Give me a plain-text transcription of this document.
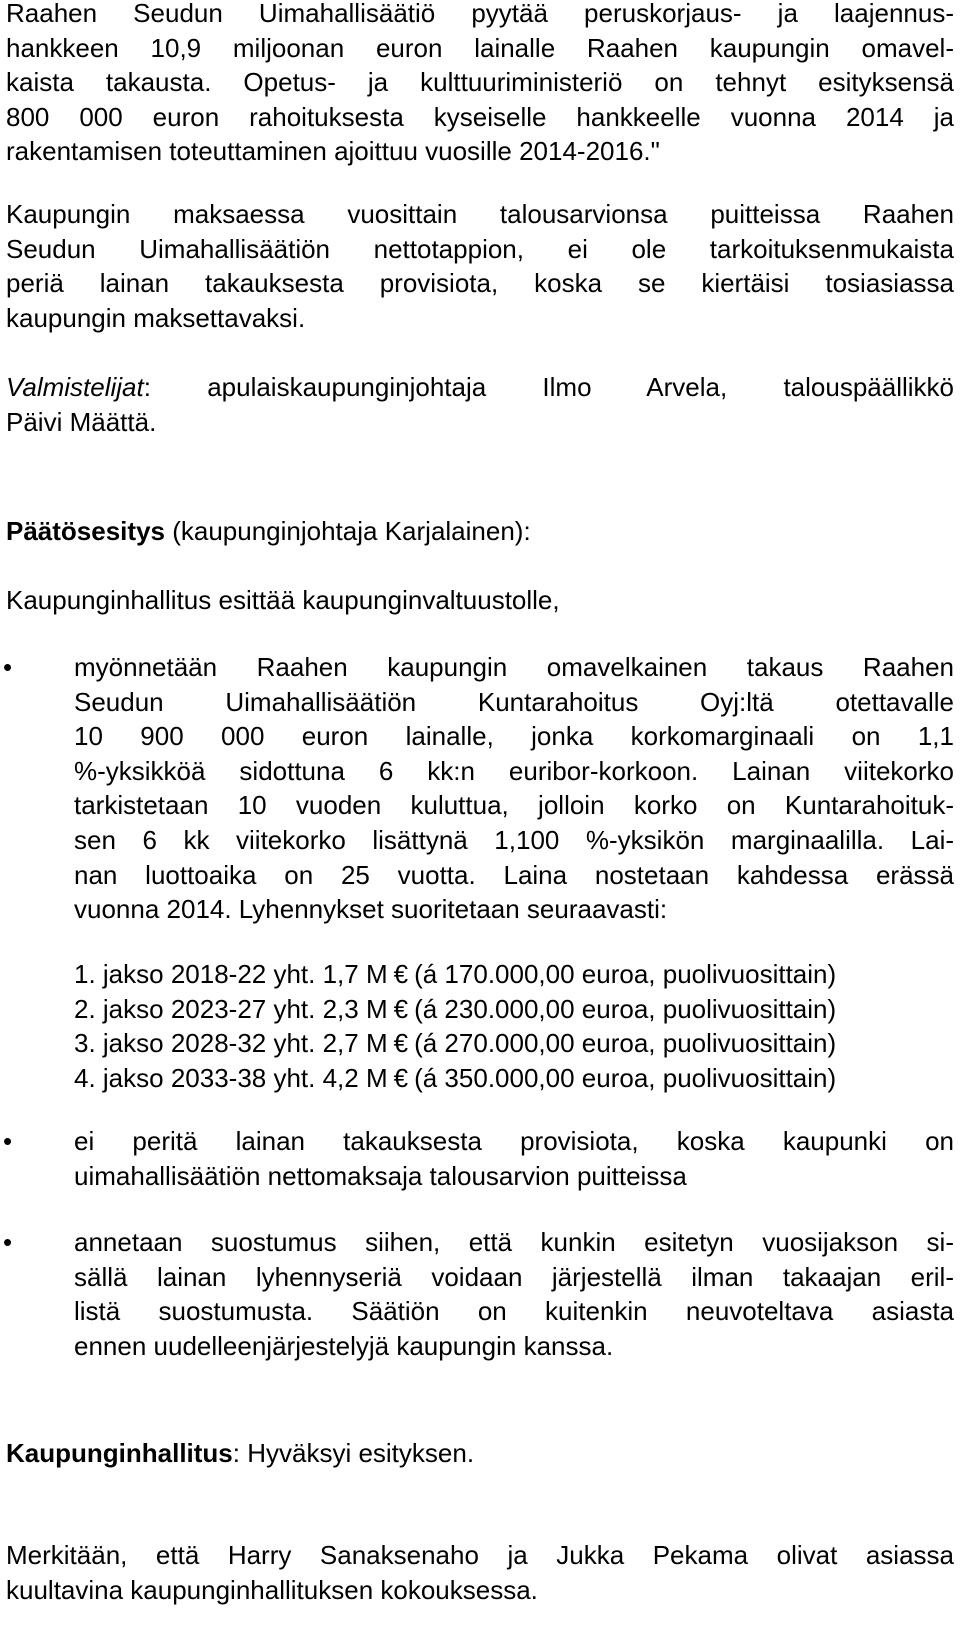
Raahen Seudun Uimahallisäätiö pyytää peruskorjaus- ja laajennus-
hankkeen 10,9 miljoonan euron lainalle Raahen kaupungin omavel-
kaista takausta. Opetus- ja kulttuuriministeriö on tehnyt esityksensä
800 000 euron rahoituksesta kyseiselle hankkeelle vuonna 2014 ja
rakentamisen toteuttaminen ajoittuu vuosille 2014-2016."
Kaupungin maksaessa vuosittain talousarvionsa puitteissa Raahen
Seudun Uimahallisäätiön nettotappion, ei ole tarkoituksenmukaista
periä lainan takauksesta provisiota, koska se kiertäisi tosiasiassa
kaupungin maksettavaksi.
Valmistelijat: apulaiskaupunginjohtaja Ilmo Arvela, talouspäällikkö
Päivi Määttä.
Päätösesitys (kaupunginjohtaja Karjalainen):
Kaupunginhallitus esittää kaupunginvaltuustolle,
• myönnetään Raahen kaupungin omavelkainen takaus Raahen
Seudun Uimahallisäätiön Kuntarahoitus Oyj:ltä otettavalle
10 900 000 euron lainalle, jonka korkomarginaali on 1,1
%-yksikköä sidottuna 6 kk:n euribor-korkoon. Lainan viitekorko
tarkistetaan 10 vuoden kuluttua, jolloin korko on Kuntarahoituk-
sen 6 kk viitekorko lisättynä 1,100 %-yksikön marginaalilla. Lai-
nan luottoaika on 25 vuotta. Laina nostetaan kahdessa erässä
vuonna 2014. Lyhennykset suoritetaan seuraavasti:
1. jakso 2018-22 yht. 1,7 M € (á 170.000,00 euroa, puolivuosittain)
2. jakso 2023-27 yht. 2,3 M € (á 230.000,00 euroa, puolivuosittain)
3. jakso 2028-32 yht. 2,7 M € (á 270.000,00 euroa, puolivuosittain)
4. jakso 2033-38 yht. 4,2 M € (á 350.000,00 euroa, puolivuosittain)
• ei peritä lainan takauksesta provisiota, koska kaupunki on
uimahallisäätiön nettomaksaja talousarvion puitteissa
• annetaan suostumus siihen, että kunkin esitetyn vuosijakson si-
sällä lainan lyhennyseriä voidaan järjestellä ilman takaajan eril-
listä suostumusta. Säätiön on kuitenkin neuvoteltava asiasta
ennen uudelleenjärjestelyjä kaupungin kanssa.
Kaupunginhallitus: Hyväksyi esityksen.
Merkitään, että Harry Sanaksenaho ja Jukka Pekama olivat asiassa
kuultavina kaupunginhallituksen kokouksessa.
